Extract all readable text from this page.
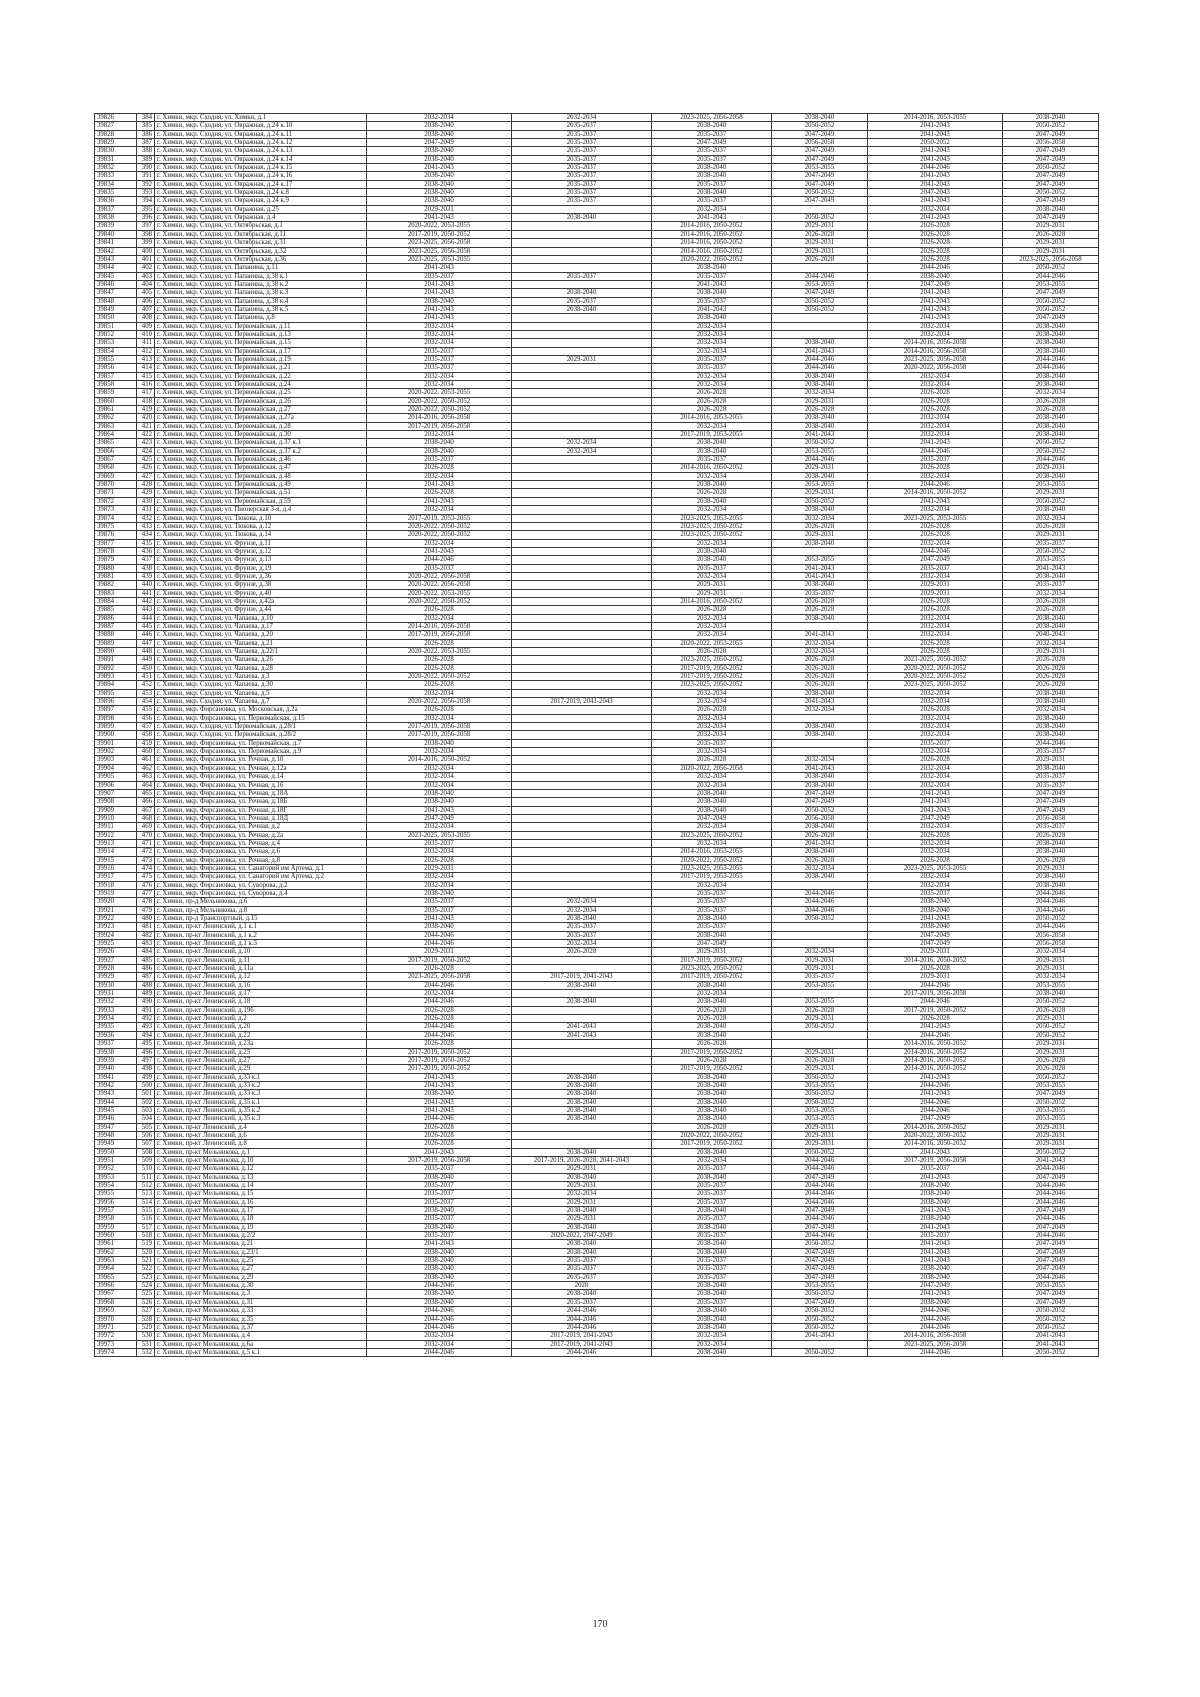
39826	384	г. Химки, мкр. Сходня, ул. Химки, д.1	2032-2034	2032-2034	2023-2025, 2056-2058	2038-2040	2014-2016, 2053-2055	2038-2040
39827	385	г. Химки, мкр. Сходня, ул. Овражная, д.24 к.10	2038-2040	2035-2037	2038-2040	2050-2052	2041-2043	2050-2052
39828	386	г. Химки, мкр. Сходня, ул. Овражная, д.24 к.11	2038-2040	2035-2037	2035-2037	2047-2049	2041-2043	2047-2049
39829	387	г. Химки, мкр. Сходня, ул. Овражная, д.24 к.12	2047-2049	2035-2037	2047-2049	2056-2058	2050-2052	2056-2058
39830	388	г. Химки, мкр. Сходня, ул. Овражная, д.24 к.13	2038-2040	2035-2037	2035-2037	2047-2049	2041-2043	2047-2049
39831	389	г. Химки, мкр. Сходня, ул. Овражная, д.24 к.14	2038-2040	2035-2037	2035-2037	2047-2049	2041-2043	2047-2049
39832	390	г. Химки, мкр. Сходня, ул. Овражная, д.24 к.15	2041-2043	2035-2037	2038-2040	2053-2055	2044-2046	2050-2052
39833	391	г. Химки, мкр. Сходня, ул. Овражная, д.24 к.16	2038-2040	2035-2037	2038-2040	2047-2049	2041-2043	2047-2049
39834	392	г. Химки, мкр. Сходня, ул. Овражная, д.24 к.17	2038-2040	2035-2037	2035-2037	2047-2049	2041-2043	2047-2049
39835	393	г. Химки, мкр. Сходня, ул. Овражная, д.24 к.8	2038-2040	2035-2037	2038-2040	2050-2052	2047-2043	2050-2052
39836	394	г. Химки, мкр. Сходня, ул. Овражная, д.24 к.9	2038-2040	2035-2037	2035-2037	2047-2049	2041-2043	2047-2049
39837	395	г. Химки, мкр. Сходня, ул. Овражная, д.25	2029-2031		2032-2034		2032-2034	2038-2040
39838	396	г. Химки, мкр. Сходня, ул. Овражная, д.4	2041-2043	2038-2040	2041-2043	2050-2052	2041-2043	2047-2049
39839	397	г. Химки, мкр. Сходня, ул. Октябрьская, д.1	2020-2022, 2053-2055		2014-2016, 2050-2052	2029-2031	2026-2028	2029-2031
39840	398	г. Химки, мкр. Сходня, ул. Октябрьская, д.11	2017-2019, 2050-2052		2014-2016, 2050-2052	2026-2028	2026-2028	2026-2028
39841	399	г. Химки, мкр. Сходня, ул. Октябрьская, д.31	2023-2025, 2056-2058		2014-2016, 2050-2052	2029-2031	2026-2028	2029-2031
39842	400	г. Химки, мкр. Сходня, ул. Октябрьская, д.32	2023-2025, 2056-2058		2014-2016, 2050-2052	2029-2031	2026-2028	2029-2031
39843	401	г. Химки, мкр. Сходня, ул. Октябрьская, д.36	2023-2025, 2053-2055		2020-2022, 2050-2052	2026-2028	2026-2028	2023-2025, 2056-2058
39844	402	г. Химки, мкр. Сходня, ул. Папанина, д.11	2041-2043		2038-2040		2044-2046	2050-2052
39845	403	г. Химки, мкр. Сходня, ул. Папанина, д.38 к.1	2035-2037	2035-2037	2035-2037	2044-2046	2038-2040	2044-2046
39846	404	г. Химки, мкр. Сходня, ул. Папанина, д.38 к.2	2041-2043		2041-2043	2053-2055	2047-2049	2053-2055
39847	405	г. Химки, мкр. Сходня, ул. Папанина, д.38 к.3	2041-2043	2038-2040	2038-2040	2047-2049	2041-2043	2047-2049
39848	406	г. Химки, мкр. Сходня, ул. Папанина, д.38 к.4	2038-2040	2035-2037	2035-2037	2050-2052	2041-2043	2050-2052
39849	407	г. Химки, мкр. Сходня, ул. Папанина, д.38 к.5	2041-2043	2038-2040	2041-2043	2050-2052	2041-2043	2050-2052
39850	408	г. Химки, мкр. Сходня, ул. Папанина, д.8	2041-2043		2038-2040		2041-2043	2047-2049
39851	409	г. Химки, мкр. Сходня, ул. Первомайская, д.11	2032-2034		2032-2034		2032-2034	2038-2040
39852	410	г. Химки, мкр. Сходня, ул. Первомайская, д.13	2032-2034		2032-2034		2032-2034	2038-2040
39853	411	г. Химки, мкр. Сходня, ул. Первомайская, д.15	2032-2034		2032-2034	2038-2040	2014-2016, 2056-2058	2038-2040
39854	412	г. Химки, мкр. Сходня, ул. Первомайская, д.17	2035-2037		2032-2034	2041-2043	2014-2016, 2056-2058	2038-2040
39855	413	г. Химки, мкр. Сходня, ул. Первомайская, д.19	2035-2037	2029-2031	2035-2037	2044-2046	2023-2025, 2056-2058	2044-2046
39856	414	г. Химки, мкр. Сходня, ул. Первомайская, д.21	2035-2037		2035-2037	2044-2046	2020-2022, 2056-2058	2044-2046
39857	415	г. Химки, мкр. Сходня, ул. Первомайская, д.22	2032-2034		2032-2034	2038-2040	2032-2034	2038-2040
39858	416	г. Химки, мкр. Сходня, ул. Первомайская, д.24	2032-2034		2032-2034	2038-2040	2032-2034	2038-2040
39859	417	г. Химки, мкр. Сходня, ул. Первомайская, д.25	2020-2022, 2053-2055		2026-2028	2032-2034	2026-2028	2032-2034
39860	418	г. Химки, мкр. Сходня, ул. Первомайская, д.26	2020-2022, 2050-2052		2026-2028	2029-2031	2026-2028	2026-2028
39861	419	г. Химки, мкр. Сходня, ул. Первомайская, д.27	2020-2022, 2050-2052		2026-2028	2026-2028	2026-2028	2026-2028
39862	420	г. Химки, мкр. Сходня, ул. Первомайская, д.27а	2014-2016, 2056-2058		2014-2016, 2053-2055	2038-2040	2032-2034	2038-2040
39863	421	г. Химки, мкр. Сходня, ул. Первомайская, д.28	2017-2019, 2056-2058		2032-2034	2038-2040	2032-2034	2038-2040
39864	422	г. Химки, мкр. Сходня, ул. Первомайская, д.30	2032-2034		2017-2019, 2053-2055	2041-2043	2032-2034	2038-2040
39865	423	г. Химки, мкр. Сходня, ул. Первомайская, д.37 к.1	2038-2040	2032-2034	2038-2040	2050-2052	2041-2043	2050-2052
39866	424	г. Химки, мкр. Сходня, ул. Первомайская, д.37 к.2	2038-2040	2032-2034	2038-2040	2053-2055	2044-2046	2050-2052
39867	425	г. Химки, мкр. Сходня, ул. Первомайская, д.46	2035-2037		2035-2037	2044-2046	2035-2037	2044-2046
39868	426	г. Химки, мкр. Сходня, ул. Первомайская, д.47	2026-2028		2014-2016, 2050-2052	2029-2031	2026-2028	2029-2031
39869	427	г. Химки, мкр. Сходня, ул. Первомайская, д.48	2032-2034		2032-2034	2038-2040	2032-2034	2038-2040
39870	428	г. Химки, мкр. Сходня, ул. Первомайская, д.49	2041-2043		2038-2040	2053-2055	2044-2046	2053-2055
39871	429	г. Химки, мкр. Сходня, ул. Первомайская, д.51	2026-2028		2026-2028	2029-2031	2014-2016, 2050-2052	2029-2031
39872	430	г. Химки, мкр. Сходня, ул. Первомайская, д.59	2041-2043		2038-2040	2050-2052	2041-2043	2050-2052
39873	431	г. Химки, мкр. Сходня, ул. Пионерская 3-я, д.4	2032-2034		2032-2034	2038-2040	2032-2034	2038-2040
39874	432	г. Химки, мкр. Сходня, ул. Тюкова, д.10	2017-2019, 2053-2055		2023-2025, 2053-2055	2032-2034	2023-2025, 2053-2055	2032-2034
39875	433	г. Химки, мкр. Сходня, ул. Тюкова, д.12	2020-2022, 2050-2052		2023-2025, 2050-2052	2026-2028	2026-2028	2026-2028
39876	434	г. Химки, мкр. Сходня, ул. Тюкова, д.14	2020-2022, 2050-2052		2023-2025, 2050-2052	2029-2031	2026-2028	2029-2031
39877	435	г. Химки, мкр. Сходня, ул. Фрунзе, д.11	2032-2034		2032-2034	2038-2040	2032-2034	2035-2037
39878	436	г. Химки, мкр. Сходня, ул. Фрунзе, д.12	2041-2043		2038-2040		2044-2046	2050-2052
39879	437	г. Химки, мкр. Сходня, ул. Фрунзе, д.13	2044-2046		2038-2040	2053-2055	2047-2049	2053-2055
39880	438	г. Химки, мкр. Сходня, ул. Фрунзе, д.19	2035-2037		2035-2037	2041-2043	2035-2037	2041-2043
39881	439	г. Химки, мкр. Сходня, ул. Фрунзе, д.36	2020-2022, 2056-2058		2032-2034	2041-2043	2032-2034	2038-2040
39882	440	г. Химки, мкр. Сходня, ул. Фрунзе, д.38	2020-2022, 2056-2058		2029-2031	2038-2040	2029-2031	2035-2037
39883	441	г. Химки, мкр. Сходня, ул. Фрунзе, д.40	2020-2022, 2053-2055		2029-2031	2035-2037	2029-2031	2032-2034
39884	442	г. Химки, мкр. Сходня, ул. Фрунзе, д.42а	2020-2022, 2050-2052		2014-2016, 2050-2052	2026-2028	2026-2028	2026-2028
39885	443	г. Химки, мкр. Сходня, ул. Фрунзе, д.44	2026-2028		2026-2028	2026-2028	2026-2028	2026-2028
39886	444	г. Химки, мкр. Сходня, ул. Чапаева, д.10	2032-2034		2032-2034	2038-2040	2032-2034	2038-2040
39887	445	г. Химки, мкр. Сходня, ул. Чапаева, д.17	2014-2016, 2056-2058		2032-2034		2032-2034	2038-2040
39888	446	г. Химки, мкр. Сходня, ул. Чапаева, д.20	2017-2019, 2056-2058		2032-2034	2041-2043	2032-2034	2040-2043
39889	447	г. Химки, мкр. Сходня, ул. Чапаева, д.21	2026-2028		2020-2022, 2053-2055	2032-2034	2026-2028	2032-2034
39890	448	г. Химки, мкр. Сходня, ул. Чапаева, д.22/1	2020-2022, 2053-2055		2026-2028	2032-2034	2026-2028	2029-2031
39891	449	г. Химки, мкр. Сходня, ул. Чапаева, д.26	2026-2028		2023-2025, 2050-2052	2026-2028	2023-2025, 2050-2052	2026-2028
39892	450	г. Химки, мкр. Сходня, ул. Чапаева, д.28	2026-2028		2017-2019, 2050-2052	2026-2028	2020-2022, 2050-2052	2026-2028
39893	451	г. Химки, мкр. Сходня, ул. Чапаева, д.3	2020-2022, 2050-2052		2017-2019, 2050-2052	2026-2028	2020-2022, 2050-2052	2026-2028
39894	452	г. Химки, мкр. Сходня, ул. Чапаева, д.30	2026-2028		2023-2025, 2050-2052	2026-2028	2023-2025, 2050-2052	2026-2028
39895	453	г. Химки, мкр. Сходня, ул. Чапаева, д.5	2032-2034		2032-2034	2038-2040	2032-2034	2038-2040
39896	454	г. Химки, мкр. Сходня, ул. Чапаева, д.7	2020-2022, 2056-2058	2017-2019, 2041-2043	2032-2034	2041-2043	2032-2034	2038-2040
39897	455	г. Химки, мкр. Фирсановка, ул. Московская, д.2а	2026-2028		2026-2028	2032-2034	2026-2028	2032-2034
39898	456	г. Химки, мкр. Фирсановка, ул. Первомайская, д.15	2032-2034		2032-2034		2032-2034	2038-2040
39899	457	г. Химки, мкр. Сходня, ул. Первомайская, д.28/1	2017-2019, 2056-2058		2032-2034	2038-2040	2032-2034	2038-2040
39900	458	г. Химки, мкр. Сходня, ул. Первомайская, д.28/2	2017-2019, 2056-2058		2032-2034	2038-2040	2032-2034	2038-2040
39901	459	г. Химки, мкр. Фирсановка, ул. Первомайская, д.7	2038-2040		2035-2037		2035-2037	2044-2046
39902	460	г. Химки, мкр. Фирсановка, ул. Первомайская, д.9	2032-2034		2032-2034		2032-2034	2035-2037
39903	461	г. Химки, мкр. Фирсановка, ул. Речная, д.10	2014-2016, 2050-2052		2026-2028	2032-2034	2026-2028	2029-2031
39904	462	г. Химки, мкр. Фирсановка, ул. Речная, д.12а	2032-2034		2020-2022, 2056-2058	2041-2043	2032-2034	2038-2040
39905	463	г. Химки, мкр. Фирсановка, ул. Речная, д.14	2032-2034		2032-2034	2038-2040	2032-2034	2035-2037
39906	464	г. Химки, мкр. Фирсановка, ул. Речная, д.16	2032-2034		2032-2034	2038-2040	2032-2034	2035-2037
39907	465	г. Химки, мкр. Фирсановка, ул. Речная, д.18А	2038-2040		2038-2040	2047-2049	2041-2043	2047-2049
39908	466	г. Химки, мкр. Фирсановка, ул. Речная, д.18Б	2038-2040		2038-2040	2047-2049	2041-2043	2047-2049
39909	467	г. Химки, мкр. Фирсановка, ул. Речная, д.18Г	2041-2043		2038-2040	2050-2052	2041-2043	2047-2049
39910	468	г. Химки, мкр. Фирсановка, ул. Речная, д.18Д	2047-2049		2047-2049	2056-2058	2047-2049	2056-2058
39911	469	г. Химки, мкр. Фирсановка, ул. Речная, д.2	2032-2034		2032-2034	2038-2040	2032-2034	2035-2037
39912	470	г. Химки, мкр. Фирсановка, ул. Речная, д.2а	2023-2025, 2053-2055		2023-2025, 2050-2052	2026-2028	2026-2028	2026-2028
39913	471	г. Химки, мкр. Фирсановка, ул. Речная, д.4	2035-2037		2032-2034	2041-2043	2032-2034	2038-2040
39914	472	г. Химки, мкр. Фирсановка, ул. Речная, д.6	2032-2034		2014-2016, 2053-2055	2038-2040	2032-2034	2038-2040
39915	473	г. Химки, мкр. Фирсановка, ул. Речная, д.8	2026-2028		2020-2022, 2050-2052	2026-2028	2026-2028	2026-2028
39916	474	г. Химки, мкр. Фирсановка, ул. Санаторий им Артема, д.1	2029-2031		2023-2025, 2053-2055	2032-2034	2023-2025, 2053-2055	2029-2031
39917	475	г. Химки, мкр. Фирсановка, ул. Санаторий им Артема, д.2	2032-2034		2017-2019, 2053-2055	2038-2040	2032-2034	2038-2040
39918	476	г. Химки, мкр. Фирсановка, ул. Суворова, д.2	2032-2034		2032-2034		2032-2034	2038-2040
39919	477	г. Химки, мкр. Фирсановка, ул. Суворова, д.4	2038-2040		2035-2037	2044-2046	2035-2037	2044-2046
39920	478	г. Химки, пр-д Мельникова, д.6	2035-2037	2032-2034	2035-2037	2044-2046	2038-2040	2044-2046
39921	479	г. Химки, пр-д Мельникова, д.8	2035-2037	2032-2034	2035-2037	2044-2046	2038-2040	2044-2046
39922	480	г. Химки, пр-д Транспортный, д.15	2041-2043	2038-2040	2038-2040	2050-2052	2041-2043	2050-2052
39923	481	г. Химки, пр-кт Ленинский, д.1 к.1	2038-2040	2035-2037	2035-2037		2038-2040	2044-2046
39924	482	г. Химки, пр-кт Ленинский, д.1 к.2	2044-2046	2035-2037	2038-2040		2047-2049	2056-2058
39925	483	г. Химки, пр-кт Ленинский, д.1 к.3	2044-2046	2032-2034	2047-2049		2047-2049	2056-2058
39926	484	г. Химки, пр-кт Ленинский, д.10	2029-2031	2026-2028	2029-2031	2032-2034	2029-2031	2032-2034
39927	485	г. Химки, пр-кт Ленинский, д.11	2017-2019, 2050-2052		2017-2019, 2050-2052	2029-2031	2014-2016, 2050-2052	2029-2031
39928	486	г. Химки, пр-кт Ленинский, д.11а	2026-2028		2023-2025, 2050-2052	2029-2031	2026-2028	2029-2031
39929	487	г. Химки, пр-кт Ленинский, д.12	2023-2025, 2056-2058	2017-2019, 2041-2043	2017-2019, 2050-2052	2035-2037	2029-2031	2032-2034
39930	488	г. Химки, пр-кт Ленинский, д.16	2044-2046	2038-2040	2038-2040	2053-2055	2044-2046	2053-2055
39931	489	г. Химки, пр-кт Ленинский, д.17	2032-2034		2032-2034		2017-2019, 2056-2058	2038-2040
39932	490	г. Химки, пр-кт Ленинский, д.18	2044-2046	2038-2040	2038-2040	2053-2055	2044-2046	2050-2052
39933	491	г. Химки, пр-кт Ленинский, д.19б	2026-2028		2026-2028	2026-2028	2017-2019, 2050-2052	2026-2028
39934	492	г. Химки, пр-кт Ленинский, д.2	2026-2028		2026-2028	2029-2031	2026-2028	2029-2031
39935	493	г. Химки, пр-кт Ленинский, д.20	2044-2046	2041-2043	2038-2040	2050-2052	2041-2043	2050-2052
39936	494	г. Химки, пр-кт Ленинский, д.22	2044-2046	2041-2043	2038-2040		2044-2046	2050-2052
39937	495	г. Химки, пр-кт Ленинский, д.23а	2026-2028		2026-2028		2014-2016, 2050-2052	2029-2031
39938	496	г. Химки, пр-кт Ленинский, д.25	2017-2019, 2050-2052		2017-2019, 2050-2052	2029-2031	2014-2016, 2050-2052	2029-2031
39939	497	г. Химки, пр-кт Ленинский, д.27	2017-2019, 2050-2052		2026-2028	2026-2028	2014-2016, 2050-2052	2026-2028
39940	498	г. Химки, пр-кт Ленинский, д.29	2017-2019, 2050-2052		2017-2019, 2050-2052	2029-2031	2014-2016, 2050-2052	2026-2028
39941	499	г. Химки, пр-кт Ленинский, д.33 к.1	2041-2043	2038-2040	2038-2040	2050-2052	2041-2043	2050-2052
39942	500	г. Химки, пр-кт Ленинский, д.33 к.2	2041-2043	2038-2040	2038-2040	2053-2055	2044-2046	2053-2055
39943	501	г. Химки, пр-кт Ленинский, д.33 к.3	2038-2040	2038-2040	2038-2040	2050-2052	2041-2043	2047-2049
39944	502	г. Химки, пр-кт Ленинский, д.35 к.1	2041-2043	2038-2040	2038-2040	2050-2052	2044-2046	2050-2052
39945	503	г. Химки, пр-кт Ленинский, д.35 к.2	2041-2043	2038-2040	2038-2040	2053-2055	2044-2046	2053-2055
39946	504	г. Химки, пр-кт Ленинский, д.35 к.3	2044-2046	2038-2040	2038-2040	2053-2055	2047-2049	2053-2055
39947	505	г. Химки, пр-кт Ленинский, д.4	2026-2028		2026-2028	2029-2031	2014-2016, 2050-2052	2029-2031
39948	506	г. Химки, пр-кт Ленинский, д.6	2026-2028		2020-2022, 2050-2052	2029-2031	2020-2022, 2050-2052	2029-2031
39949	507	г. Химки, пр-кт Ленинский, д.8	2026-2028		2017-2019, 2050-2052	2029-2031	2014-2016, 2050-2052	2029-2031
39950	508	г. Химки, пр-кт Мельникова, д.1	2041-2043	2038-2040	2038-2040	2050-2052	2041-2043	2050-2052
39951	509	г. Химки, пр-кт Мельникова, д.10	2017-2019, 2056-2058	2017-2019, 2026-2028, 2041-2043	2032-2034	2044-2046	2017-2019, 2056-2058	2041-2043
39952	510	г. Химки, пр-кт Мельникова, д.12	2035-2037	2029-2031	2035-2037	2044-2046	2035-2037	2044-2046
39953	511	г. Химки, пр-кт Мельникова, д.13	2038-2040	2038-2040	2038-2040	2047-2049	2041-2043	2047-2049
39954	512	г. Химки, пр-кт Мельникова, д.14	2035-2037	2029-2031	2035-2037	2044-2046	2038-2040	2044-2046
39955	513	г. Химки, пр-кт Мельникова, д.15	2035-2037	2032-2034	2035-2037	2044-2046	2038-2040	2044-2046
39956	514	г. Химки, пр-кт Мельникова, д.16	2035-2037	2029-2031	2035-2037	2044-2046	2038-2040	2044-2046
39957	515	г. Химки, пр-кт Мельникова, д.17	2038-2040	2038-2040	2038-2040	2047-2049	2041-2043	2047-2049
39958	516	г. Химки, пр-кт Мельникова, д.18	2035-2037	2029-2031	2035-2037	2044-2046	2038-2040	2044-2046
39959	517	г. Химки, пр-кт Мельникова, д.19	2038-2040	2038-2040	2038-2040	2047-2049	2041-2043	2047-2049
39960	518	г. Химки, пр-кт Мельникова, д.2/2	2035-2037	2020-2022, 2047-2049	2035-2037	2044-2046	2035-2037	2044-2046
39961	519	г. Химки, пр-кт Мельникова, д.21	2041-2043	2038-2040	2038-2040	2050-2052	2041-2043	2047-2049
39962	520	г. Химки, пр-кт Мельникова, д.23/1	2038-2040	2038-2040	2038-2040	2047-2049	2041-2043	2047-2049
39963	521	г. Химки, пр-кт Мельникова, д.25	2038-2040	2035-2037	2035-2037	2047-2049	2041-2043	2047-2049
39964	522	г. Химки, пр-кт Мельникова, д.27	2038-2040	2035-2037	2035-2037	2047-2049	2038-2040	2047-2049
39965	523	г. Химки, пр-кт Мельникова, д.29	2038-2040	2035-2037	2035-2037	2047-2049	2038-2040	2044-2046
39966	524	г. Химки, пр-кт Мельникова, д.30	2044-2046	2028	2038-2040	2053-2055	2047-2049	2053-2055
39967	525	г. Химки, пр-кт Мельникова, д.3	2038-2040	2038-2040	2038-2040	2050-2052	2041-2043	2047-2049
39968	526	г. Химки, пр-кт Мельникова, д.31	2038-2040	2035-2037	2035-2037	2047-2049	2038-2040	2047-2049
39969	527	г. Химки, пр-кт Мельникова, д.33	2044-2046	2044-2046	2038-2040	2050-2052	2044-2046	2050-2052
39970	528	г. Химки, пр-кт Мельникова, д.35	2044-2046	2044-2046	2038-2040	2050-2052	2044-2046	2050-2052
39971	529	г. Химки, пр-кт Мельникова, д.37	2044-2046	2044-2046	2038-2040	2050-2052	2044-2046	2050-2052
39972	530	г. Химки, пр-кт Мельникова, д.4	2032-2034	2017-2019, 2041-2043	2032-2034	2041-2043	2014-2016, 2056-2058	2041-2043
39973	531	г. Химки, пр-кт Мельникова, д.6а	2032-2034	2017-2019, 2041-2043	2032-2034		2023-2025, 2056-2058	2041-2043
39974	532	г. Химки, пр-кт Мельникова, д.5 к.1	2044-2046	2044-2046	2038-2040	2050-2052	2044-2046	2050-2052
170
